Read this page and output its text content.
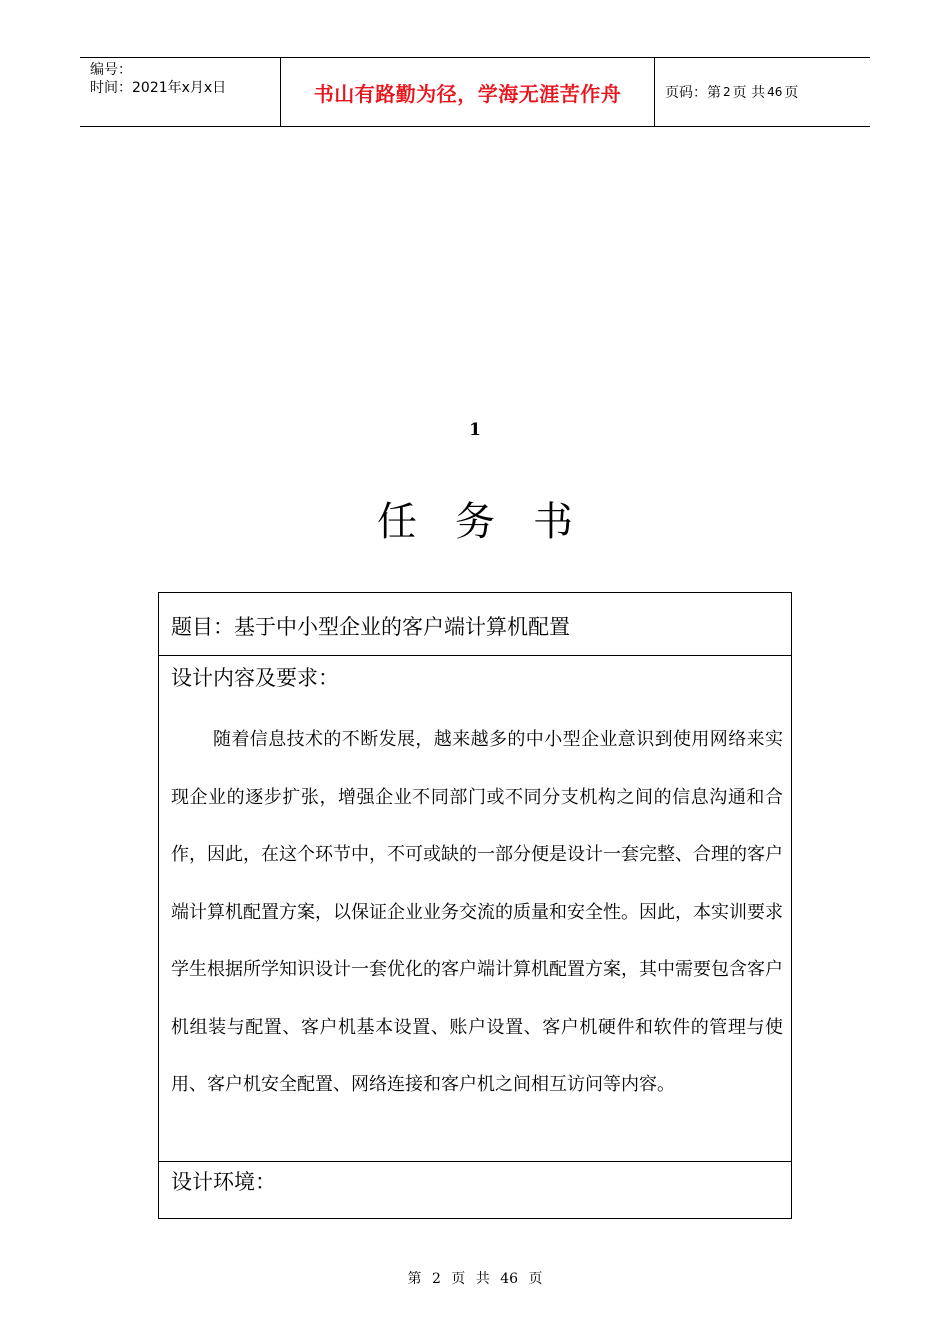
编号：
时间：2021年x月x日	书山有路勤为径，学海无涯苦作舟	页码：第 2 页 共 46 页
1
任务书
题目：基于中小型企业的客户端计算机配置
设计内容及要求：

随着信息技术的不断发展，越来越多的中小型企业意识到使用网络来实现企业的逐步扩张，增强企业不同部门或不同分支机构之间的信息沟通和合作，因此，在这个环节中，不可或缺的一部分便是设计一套完整、合理的客户端计算机配置方案，以保证企业业务交流的质量和安全性。因此，本实训要求学生根据所学知识设计一套优化的客户端计算机配置方案，其中需要包含客户机组装与配置、客户机基本设置、账户设置、客户机硬件和软件的管理与使用、客户机安全配置、网络连接和客户机之间相互访问等内容。

设计环境：
第 2 页 共 46 页
